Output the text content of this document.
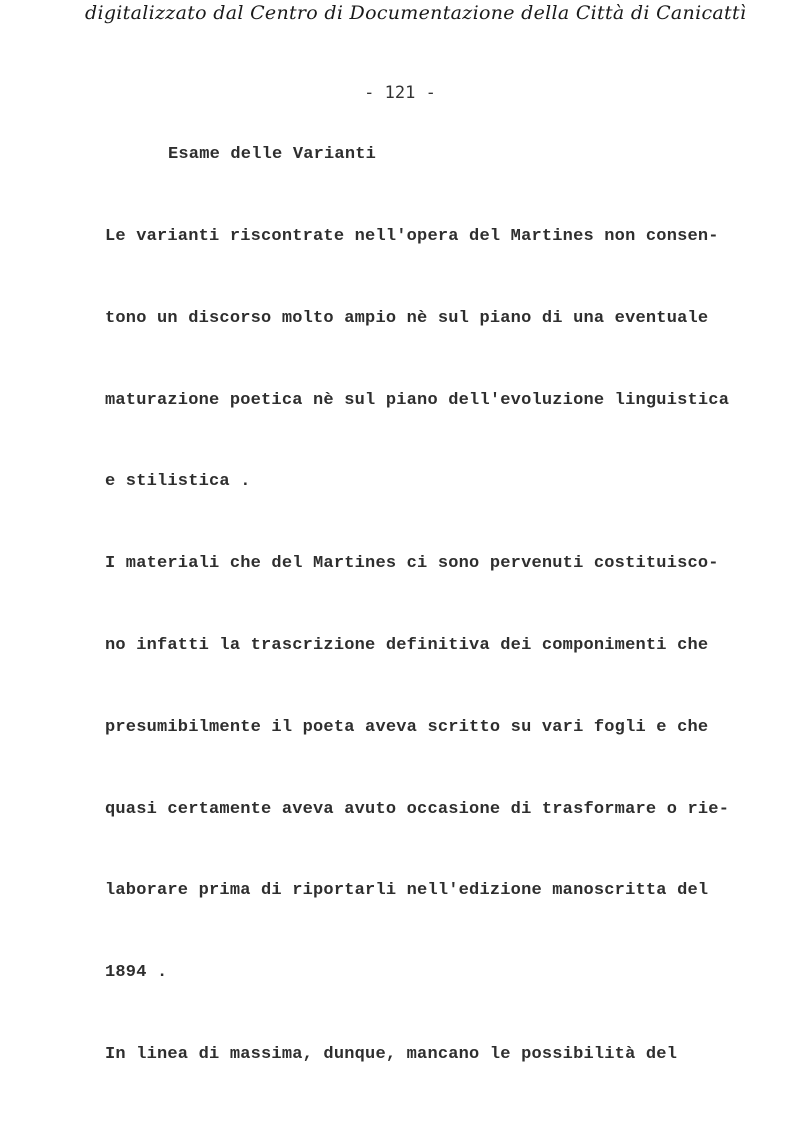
digitalizzato dal Centro di Documentazione della Città di Canicattì
- 121 -
Esame delle Varianti
Le varianti riscontrate nell'opera del Martines non consen-
tono un discorso molto ampio nè sul piano di una eventuale
maturazione poetica nè sul piano dell'evoluzione linguistica
e stilistica .
I materiali che del Martines ci sono pervenuti costituisco-
no infatti la trascrizione definitiva dei componimenti che
presumibilmente il poeta aveva scritto su vari fogli e che
quasi certamente aveva avuto occasione di trasformare o rie-
laborare prima di riportarli nell'edizione manoscritta del
1894 .
In linea di massima, dunque, mancano le possibilità del
